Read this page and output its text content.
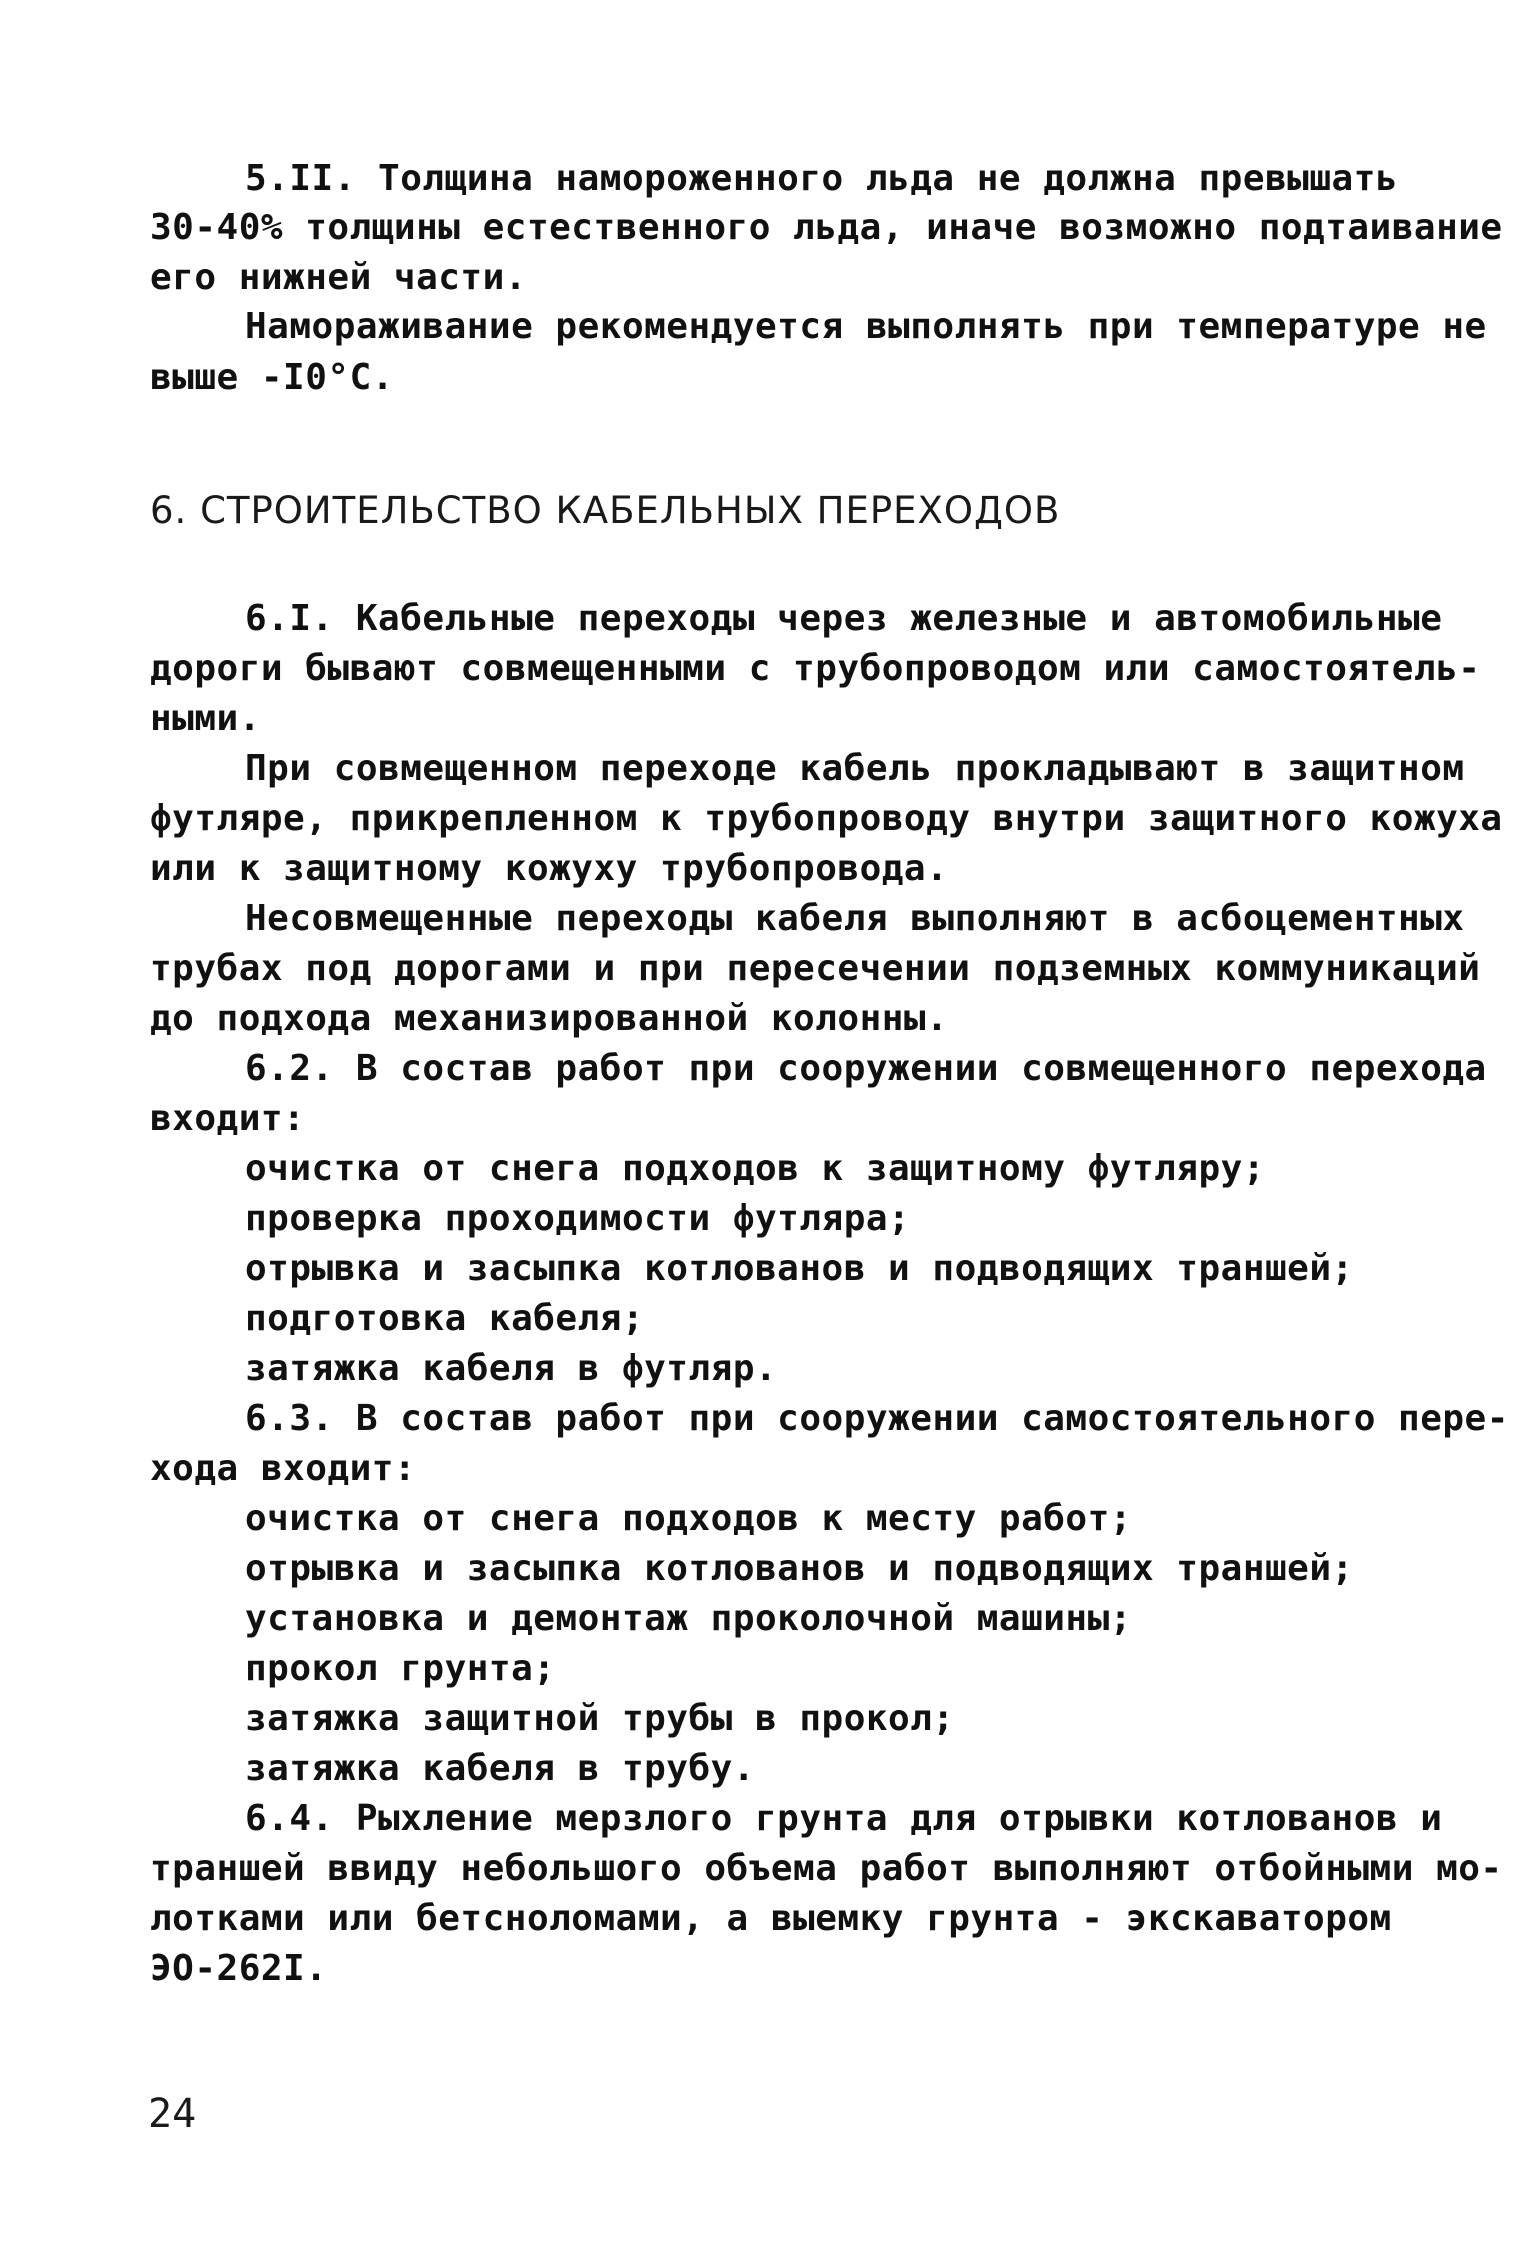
5.II. Толщина намороженного льда не должна превышать
30-40% толщины естественного льда, иначе возможно подтаивание
его нижней части.
Намораживание рекомендуется выполнять при температуре не
выше -I0°C.
6. СТРОИТЕЛЬСТВО КАБЕЛЬНЫХ ПЕРЕХОДОВ
6.I. Кабельные переходы через железные и автомобильные
дороги бывают совмещенными с трубопроводом или самостоятель-
ными.
При совмещенном переходе кабель прокладывают в защитном
футляре, прикрепленном к трубопроводу внутри защитного кожуха
или к защитному кожуху трубопровода.
Несовмещенные переходы кабеля выполняют в асбоцементных
трубах под дорогами и при пересечении подземных коммуникаций
до подхода механизированной колонны.
6.2. В состав работ при сооружении совмещенного перехода
входит:
очистка от снега подходов к защитному футляру;
проверка проходимости футляра;
отрывка и засыпка котлованов и подводящих траншей;
подготовка кабеля;
затяжка кабеля в футляр.
6.3. В состав работ при сооружении самостоятельного пере-
хода входит:
очистка от снега подходов к месту работ;
отрывка и засыпка котлованов и подводящих траншей;
установка и демонтаж проколочной машины;
прокол грунта;
затяжка защитной трубы в прокол;
затяжка кабеля в трубу.
6.4. Рыхление мерзлого грунта для отрывки котлованов и
траншей ввиду небольшого объема работ выполняют отбойными мо-
лотками или бетсноломами, а выемку грунта - экскаватором
ЭО-262I.
24
